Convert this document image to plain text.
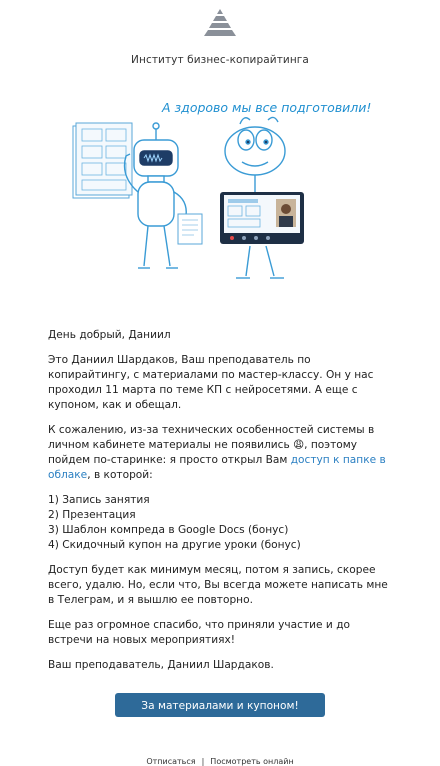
Институт бизнес-копирайтинга
А здорово мы все подготовили!

День добрый, Даниил

Это Даниил Шардаков, Ваш преподаватель по копирайтингу, с материалами по мастер-классу. Он у нас проходил 11 марта по теме КП с нейросетями. А еще с купоном, как и обещал.

К сожалению, из-за технических особенностей системы в личном кабинете материалы не появились 😩, поэтому пойдем по-старинке: я просто открыл Вам доступ к папке в облаке, в которой:

1) Запись занятия
2) Презентация
3) Шаблон компреда в Google Docs (бонус)
4) Скидочный купон на другие уроки (бонус)

Доступ будет как минимум месяц, потом я запись, скорее всего, удалю. Но, если что, Вы всегда можете написать мне в Телеграм, и я вышлю ее повторно.

Еще раз огромное спасибо, что приняли участие и до встречи на новых мероприятиях!

Ваш преподаватель, Даниил Шардаков.

За материалами и купоном!
Отписаться | Посмотреть онлайн
